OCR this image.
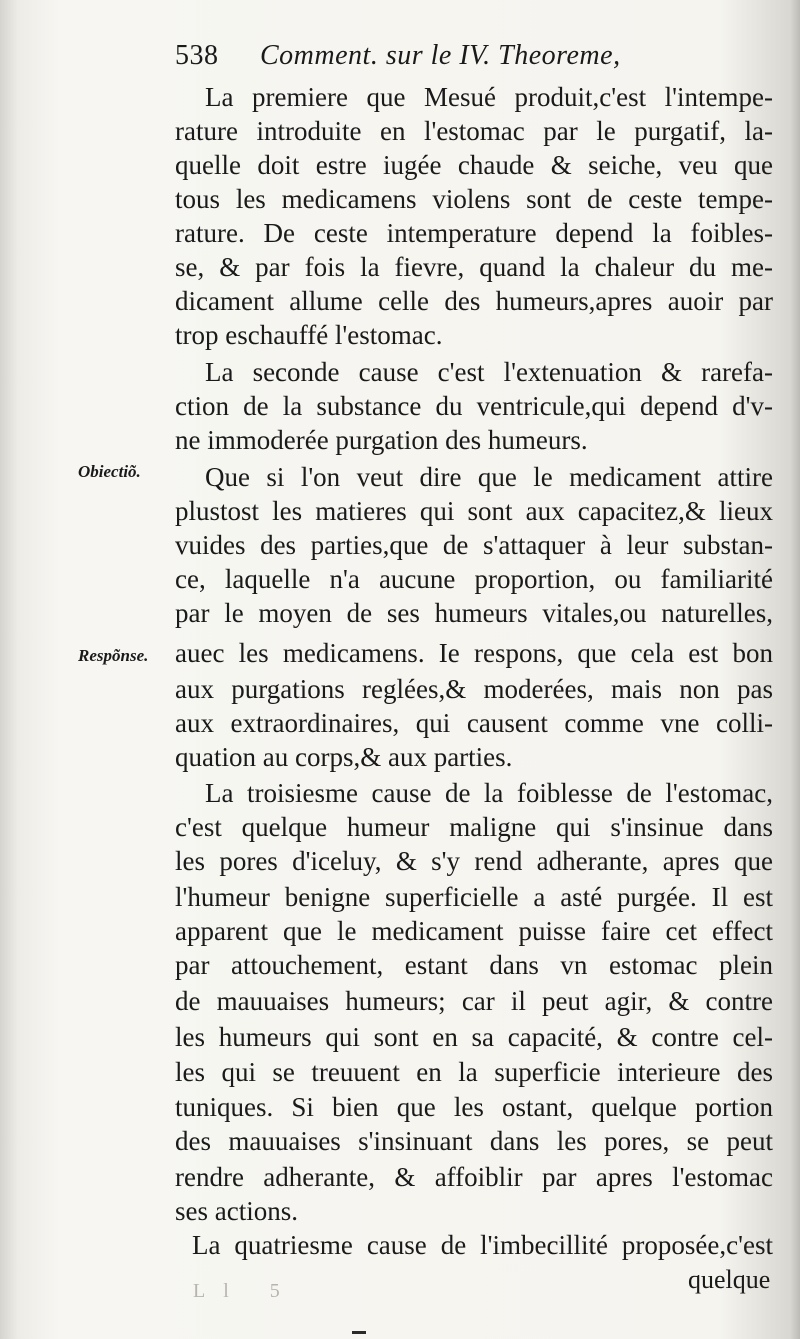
538 Comment. sur le IV. Theoreme,
Obiectiõ.
Respõnse.
La premiere que Mesué produit,c'est l'intempe-
rature introduite en l'estomac par le purgatif, la-
quelle doit estre iugée chaude & seiche, veu que
tous les medicamens violens sont de ceste tempe-
rature. De ceste intemperature depend la foibles-
se, & par fois la fievre, quand la chaleur du me-
dicament allume celle des humeurs,apres auoir par
trop eschauffé l'estomac.
La seconde cause c'est l'extenuation & rarefa-
ction de la substance du ventricule,qui depend d'v-
ne immoderée purgation des humeurs.
Que si l'on veut dire que le medicament attire
plustost les matieres qui sont aux capacitez,& lieux
vuides des parties,que de s'attaquer à leur substan-
ce, laquelle n'a aucune proportion, ou familiarité
par le moyen de ses humeurs vitales,ou naturelles,
auec les medicamens. Ie respons, que cela est bon
aux purgations reglées,& moderées, mais non pas
aux extraordinaires, qui causent comme vne colli-
quation au corps,& aux parties.
La troisiesme cause de la foiblesse de l'estomac,
c'est quelque humeur maligne qui s'insinue dans
les pores d'iceluy, & s'y rend adherante, apres que
l'humeur benigne superficielle a asté purgée. Il est
apparent que le medicament puisse faire cet effect
par attouchement, estant dans vn estomac plein
de mauuaises humeurs; car il peut agir, & contre
les humeurs qui sont en sa capacité, & contre cel-
les qui se treuuent en la superficie interieure des
tuniques. Si bien que les ostant, quelque portion
des mauuaises s'insinuant dans les pores, se peut
rendre adherante, & affoiblir par apres l'estomac
ses actions.
La quatriesme cause de l'imbecillité proposée,c'est
quelque
Ll 5
